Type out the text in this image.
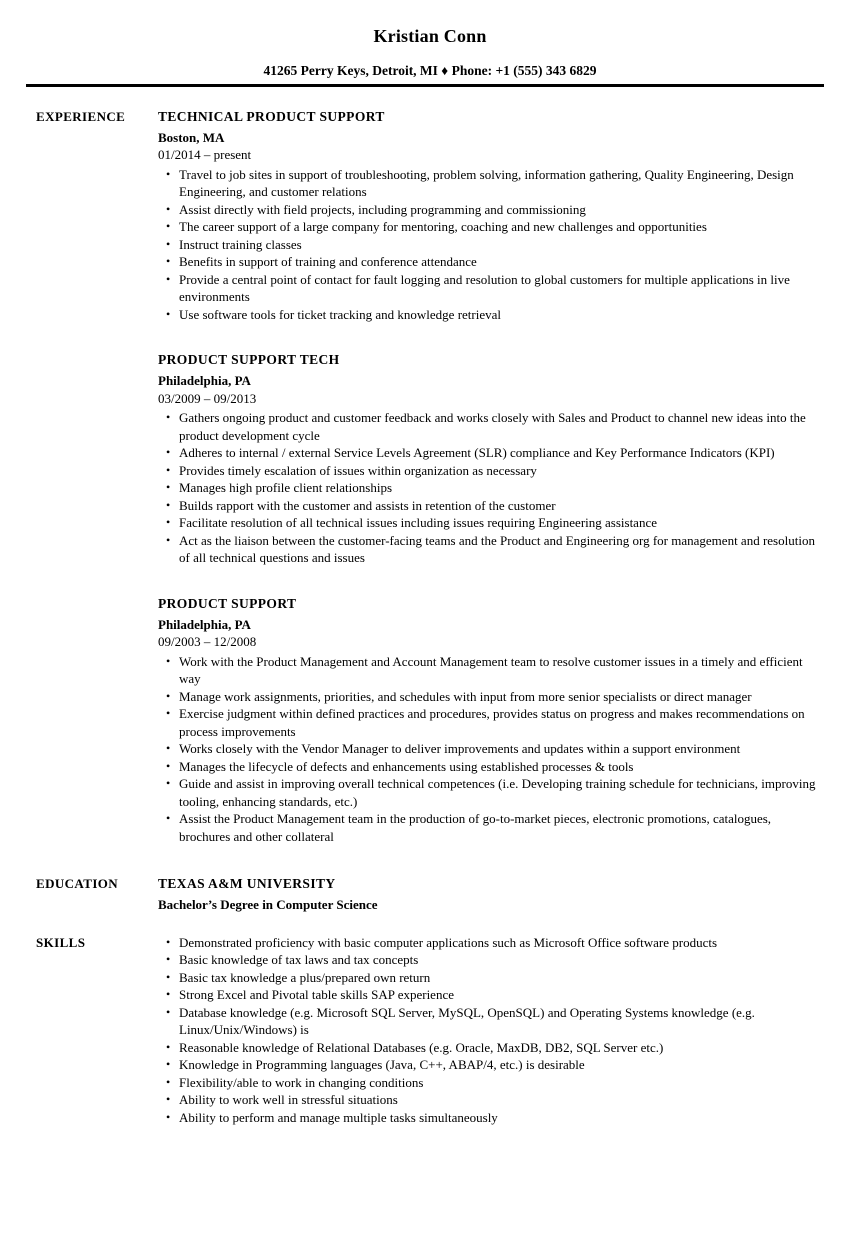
Kristian Conn

41265 Perry Keys, Detroit, MI ♦ Phone: +1 (555) 343 6829

EXPERIENCE	TECHNICAL PRODUCT SUPPORT
Boston, MA
01/2014 – present
• Travel to job sites in support of troubleshooting, problem solving, information gathering, Quality Engineering, Design Engineering, and customer relations
• Assist directly with field projects, including programming and commissioning
• The career support of a large company for mentoring, coaching and new challenges and opportunities
• Instruct training classes
• Benefits in support of training and conference attendance
• Provide a central point of contact for fault logging and resolution to global customers for multiple applications in live environments
• Use software tools for ticket tracking and knowledge retrieval
PRODUCT SUPPORT TECH
Philadelphia, PA
03/2009 – 09/2013
• Gathers ongoing product and customer feedback and works closely with Sales and Product to channel new ideas into the product development cycle
• Adheres to internal / external Service Levels Agreement (SLR) compliance and Key Performance Indicators (KPI)
• Provides timely escalation of issues within organization as necessary
• Manages high profile client relationships
• Builds rapport with the customer and assists in retention of the customer
• Facilitate resolution of all technical issues including issues requiring Engineering assistance
• Act as the liaison between the customer-facing teams and the Product and Engineering org for management and resolution of all technical questions and issues
PRODUCT SUPPORT
Philadelphia, PA
09/2003 – 12/2008
• Work with the Product Management and Account Management team to resolve customer issues in a timely and efficient way
• Manage work assignments, priorities, and schedules with input from more senior specialists or direct manager
• Exercise judgment within defined practices and procedures, provides status on progress and makes recommendations on process improvements
• Works closely with the Vendor Manager to deliver improvements and updates within a support environment
• Manages the lifecycle of defects and enhancements using established processes & tools
• Guide and assist in improving overall technical competences (i.e. Developing training schedule for technicians, improving tooling, enhancing standards, etc.)
• Assist the Product Management team in the production of go-to-market pieces, electronic promotions, catalogues, brochures and other collateral
EDUCATION	TEXAS A&M UNIVERSITY
Bachelor’s Degree in Computer Science
SKILLS	• Demonstrated proficiency with basic computer applications such as Microsoft Office software products
• Basic knowledge of tax laws and tax concepts
• Basic tax knowledge a plus/prepared own return
• Strong Excel and Pivotal table skills SAP experience
• Database knowledge (e.g. Microsoft SQL Server, MySQL, OpenSQL) and Operating Systems knowledge (e.g. Linux/Unix/Windows) is
• Reasonable knowledge of Relational Databases (e.g. Oracle, MaxDB, DB2, SQL Server etc.)
• Knowledge in Programming languages (Java, C++, ABAP/4, etc.) is desirable
• Flexibility/able to work in changing conditions
• Ability to work well in stressful situations
• Ability to perform and manage multiple tasks simultaneously
